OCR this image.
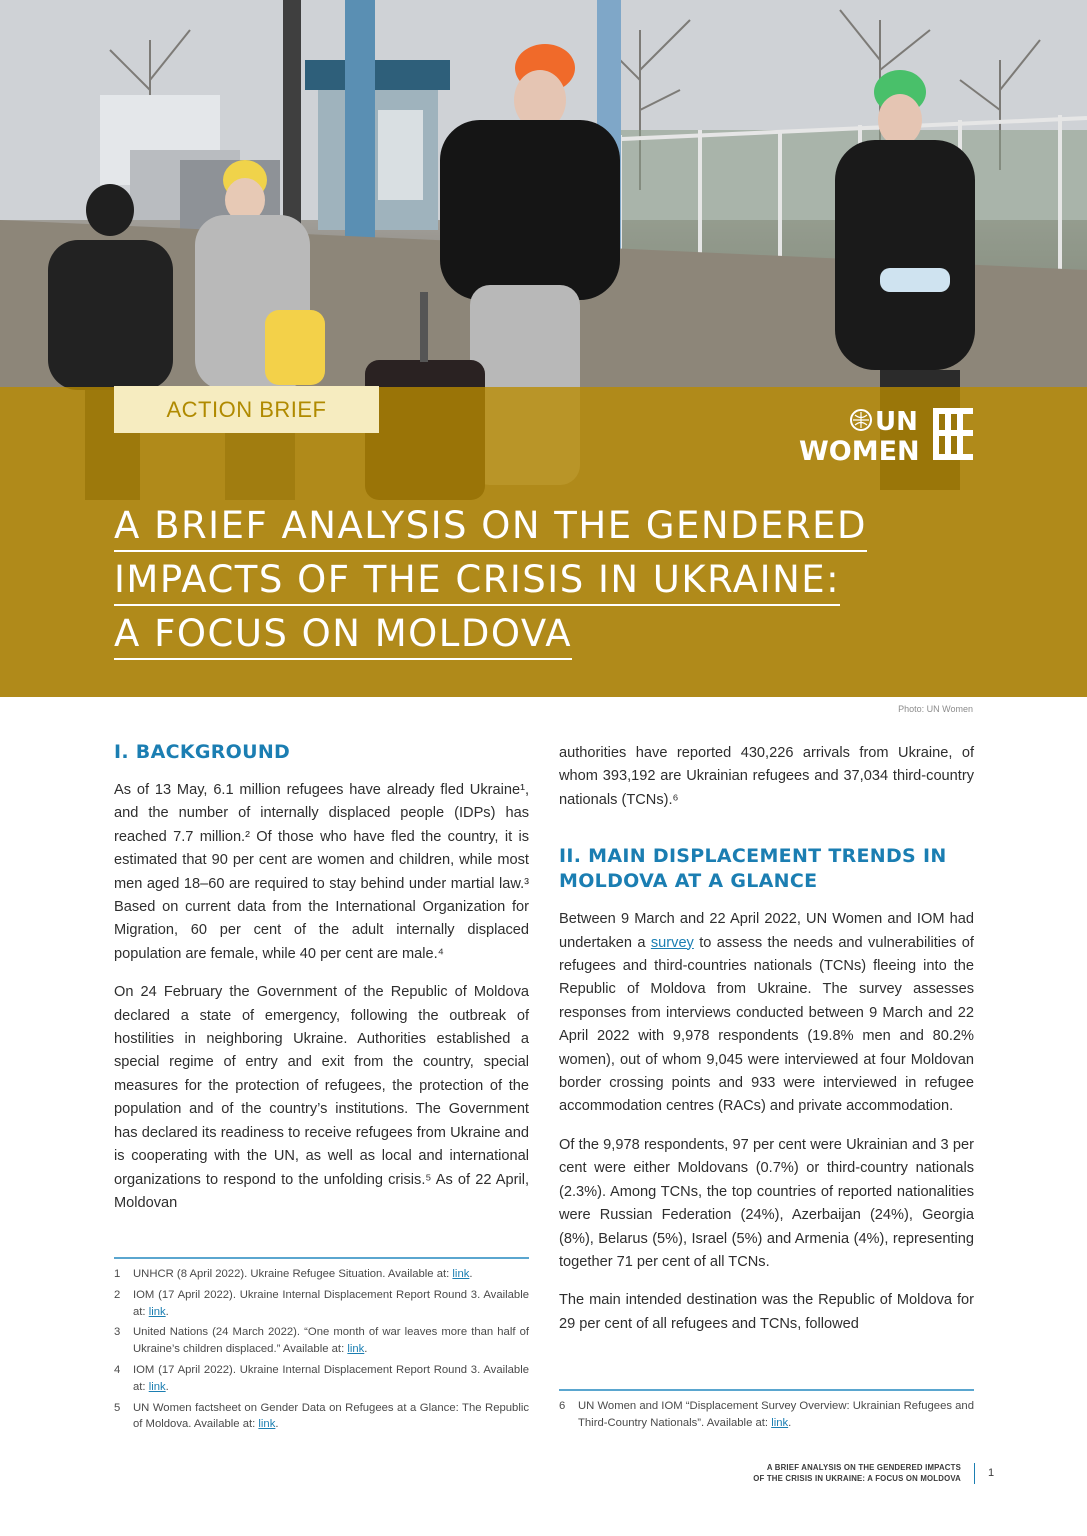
ACTION BRIEF	UN
WOMEN
A BRIEF ANALYSIS ON THE GENDERED
IMPACTS OF THE CRISIS IN UKRAINE:
A FOCUS ON MOLDOVA
Photo: UN Women
I. BACKGROUND

As of 13 May, 6.1 million refugees have already fled Ukraine¹, and the number of internally displaced people (IDPs) has reached 7.7 million.² Of those who have fled the country, it is estimated that 90 per cent are women and children, while most men aged 18–60 are required to stay behind under martial law.³ Based on current data from the International Organization for Migration, 60 per cent of the adult internally displaced population are female, while 40 per cent are male.⁴

On 24 February the Government of the Republic of Moldova declared a state of emergency, following the outbreak of hostilities in neighboring Ukraine. Authorities established a special regime of entry and exit from the country, special measures for the protection of refugees, the protection of the population and of the country’s institutions. The Government has declared its readiness to receive refugees from Ukraine and is cooperating with the UN, as well as local and international organizations to respond to the unfolding crisis.⁵ As of 22 April, Moldovan

1	UNHCR (8 April 2022). Ukraine Refugee Situation. Available at: link.
2	IOM (17 April 2022). Ukraine Internal Displacement Report Round 3. Available at: link.
3	United Nations (24 March 2022). “One month of war leaves more than half of Ukraine’s children displaced.” Available at: link.
4	IOM (17 April 2022). Ukraine Internal Displacement Report Round 3. Available at: link.
5	UN Women factsheet on Gender Data on Refugees at a Glance: The Republic of Moldova. Available at: link.

authorities have reported 430,226 arrivals from Ukraine, of whom 393,192 are Ukrainian refugees and 37,034 third-country nationals (TCNs).⁶

II. MAIN DISPLACEMENT TRENDS IN
MOLDOVA AT A GLANCE

Between 9 March and 22 April 2022, UN Women and IOM had undertaken a survey to assess the needs and vulnerabilities of refugees and third-countries nationals (TCNs) fleeing into the Republic of Moldova from Ukraine. The survey assesses responses from interviews conducted between 9 March and 22 April 2022 with 9,978 respondents (19.8% men and 80.2% women), out of whom 9,045 were interviewed at four Moldovan border crossing points and 933 were interviewed in refugee accommodation centres (RACs) and private accommodation.

Of the 9,978 respondents, 97 per cent were Ukrainian and 3 per cent were either Moldovans (0.7%) or third-country nationals (2.3%). Among TCNs, the top countries of reported nationalities were Russian Federation (24%), Azerbaijan (24%), Georgia (8%), Belarus (5%), Israel (5%) and Armenia (4%), representing together 71 per cent of all TCNs.

The main intended destination was the Republic of Moldova for 29 per cent of all refugees and TCNs, followed

6	UN Women and IOM “Displacement Survey Overview: Ukrainian Refugees and Third-Country Nationals”. Available at: link.
A BRIEF ANALYSIS ON THE GENDERED IMPACTS
OF THE CRISIS IN UKRAINE: A FOCUS ON MOLDOVA 1
